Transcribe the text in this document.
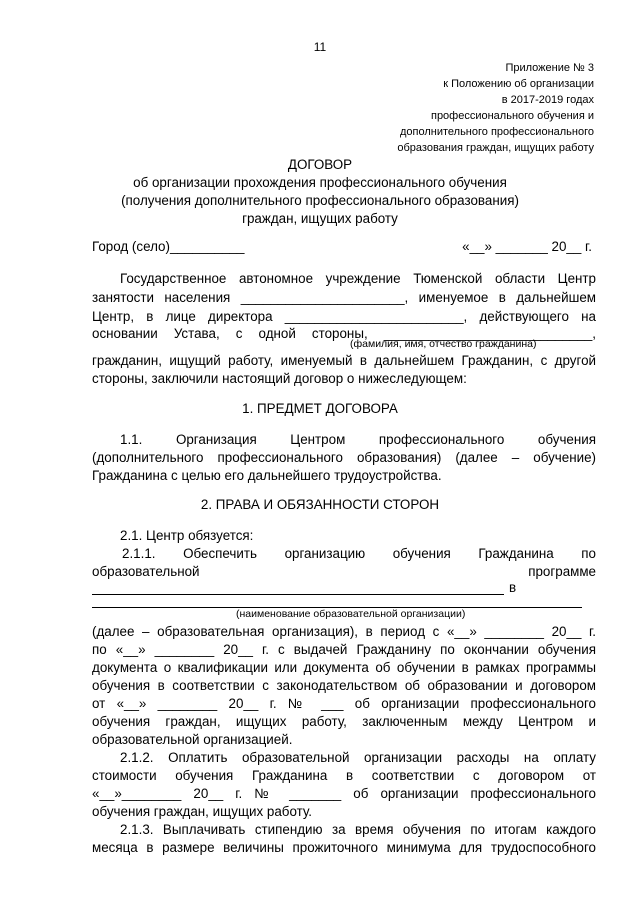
11
Приложение № 3
к Положению об организации
в 2017-2019 годах
профессионального обучения и
дополнительного профессионального
образования граждан, ищущих работу
ДОГОВОР
об организации прохождения профессионального обучения
(получения дополнительного профессионального образования)
граждан, ищущих работу
Город (село)__________	«__» _______ 20__ г.
Государственное автономное учреждение Тюменской области Центр
занятости населения ______________________, именуемое в дальнейшем
Центр, в лице директора ________________________, действующего на
основании Устава, с одной стороны, ____________________________,
(фамилия, имя, отчество гражданина)
гражданин, ищущий работу, именуемый в дальнейшем Гражданин, с другой
стороны, заключили настоящий договор о нижеследующем:
1. ПРЕДМЕТ ДОГОВОРА
1.1. Организация Центром профессионального обучения
(дополнительного профессионального образования) (далее – обучение)
Гражданина с целью его дальнейшего трудоустройства.
2. ПРАВА И ОБЯЗАННОСТИ СТОРОН
2.1. Центр обязуется:
2.1.1. Обеспечить организацию обучения Гражданина по
образовательной программе
в
(наименование образовательной организации)
(далее – образовательная организация), в период с «__» ________ 20__ г.
по «__» ________ 20__ г. с выдачей Гражданину по окончании обучения
документа о квалификации или документа об обучении в рамках программы
обучения в соответствии с законодательством об образовании и договором
от «__» ________ 20__ г. № ___ об организации профессионального
обучения граждан, ищущих работу, заключенным между Центром и
образовательной организацией.
2.1.2. Оплатить образовательной организации расходы на оплату
стоимости обучения Гражданина в соответствии с договором от
«__»________ 20__ г. № _______ об организации профессионального
обучения граждан, ищущих работу.
2.1.3. Выплачивать стипендию за время обучения по итогам каждого
месяца в размере величины прожиточного минимума для трудоспособного
